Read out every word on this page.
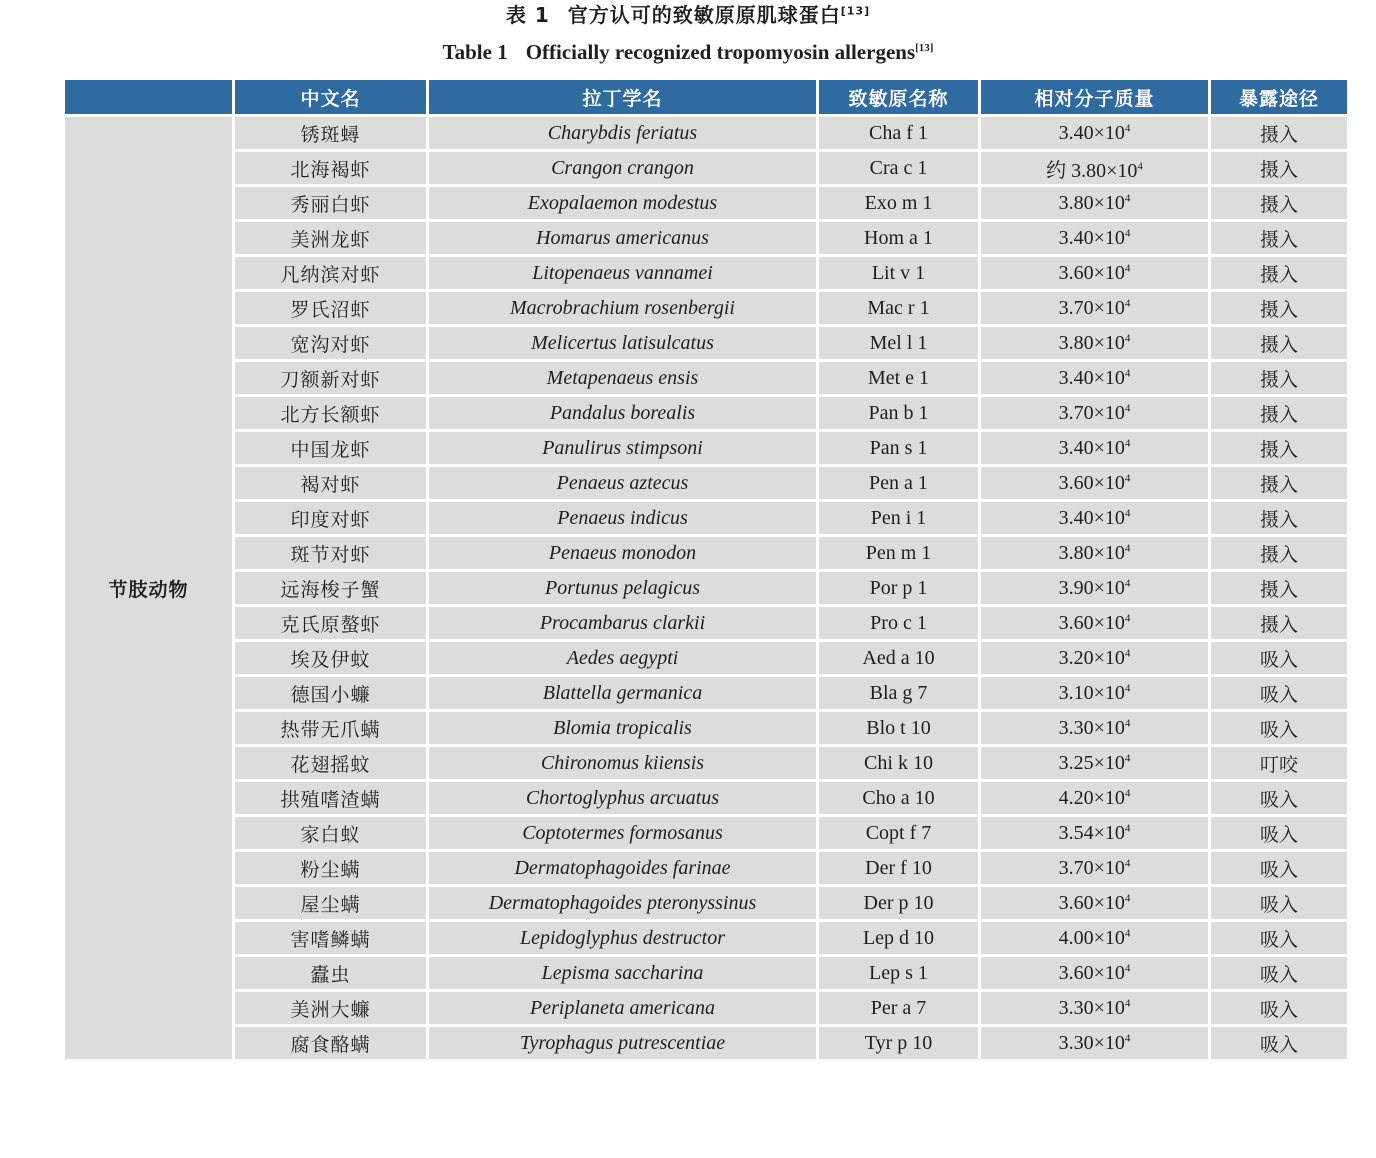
表 1 官方认可的致敏原原肌球蛋白[13]
Table 1 Officially recognized tropomyosin allergens[13]
	中文名	拉丁学名	致敏原名称	相对分子质量	暴露途径
节肢动物	锈斑蟳	Charybdis feriatus	Cha f 1	$3.40\times 10^4$	摄入
	北海褐虾	Crangon crangon	Cra c 1	约 $3.80\times 10^4$	摄入
	秀丽白虾	Exopalaemon modestus	Exo m 1	$3.80\times 10^4$	摄入
	美洲龙虾	Homarus americanus	Hom a 1	$3.40\times 10^4$	摄入
	凡纳滨对虾	Litopenaeus vannamei	Lit v 1	$3.60\times 10^4$	摄入
	罗氏沼虾	Macrobrachium rosenbergii	Mac r 1	$3.70\times 10^4$	摄入
	宽沟对虾	Melicertus latisulcatus	Mel l 1	$3.80\times 10^4$	摄入
	刀额新对虾	Metapenaeus ensis	Met e 1	$3.40\times 10^4$	摄入
	北方长额虾	Pandalus borealis	Pan b 1	$3.70\times 10^4$	摄入
	中国龙虾	Panulirus stimpsoni	Pan s 1	$3.40\times 10^4$	摄入
	褐对虾	Penaeus aztecus	Pen a 1	$3.60\times 10^4$	摄入
	印度对虾	Penaeus indicus	Pen i 1	$3.40\times 10^4$	摄入
	斑节对虾	Penaeus monodon	Pen m 1	$3.80\times 10^4$	摄入
	远海梭子蟹	Portunus pelagicus	Por p 1	$3.90\times 10^4$	摄入
	克氏原螯虾	Procambarus clarkii	Pro c 1	$3.60\times 10^4$	摄入
	埃及伊蚊	Aedes aegypti	Aed a 10	$3.20\times 10^4$	吸入
	德国小蠊	Blattella germanica	Bla g 7	$3.10\times 10^4$	吸入
	热带无爪螨	Blomia tropicalis	Blo t 10	$3.30\times 10^4$	吸入
	花翅摇蚊	Chironomus kiiensis	Chi k 10	$3.25\times 10^4$	叮咬
	拱殖嗜渣螨	Chortoglyphus arcuatus	Cho a 10	$4.20\times 10^4$	吸入
	家白蚁	Coptotermes formosanus	Copt f 7	$3.54\times 10^4$	吸入
	粉尘螨	Dermatophagoides farinae	Der f 10	$3.70\times 10^4$	吸入
	屋尘螨	Dermatophagoides pteronyssinus	Der p 10	$3.60\times 10^4$	吸入
	害嗜鳞螨	Lepidoglyphus destructor	Lep d 10	$4.00\times 10^4$	吸入
	蠹虫	Lepisma saccharina	Lep s 1	$3.60\times 10^4$	吸入
	美洲大蠊	Periplaneta americana	Per a 7	$3.30\times 10^4$	吸入
	腐食酪螨	Tyrophagus putrescentiae	Tyr p 10	$3.30\times 10^4$	吸入
